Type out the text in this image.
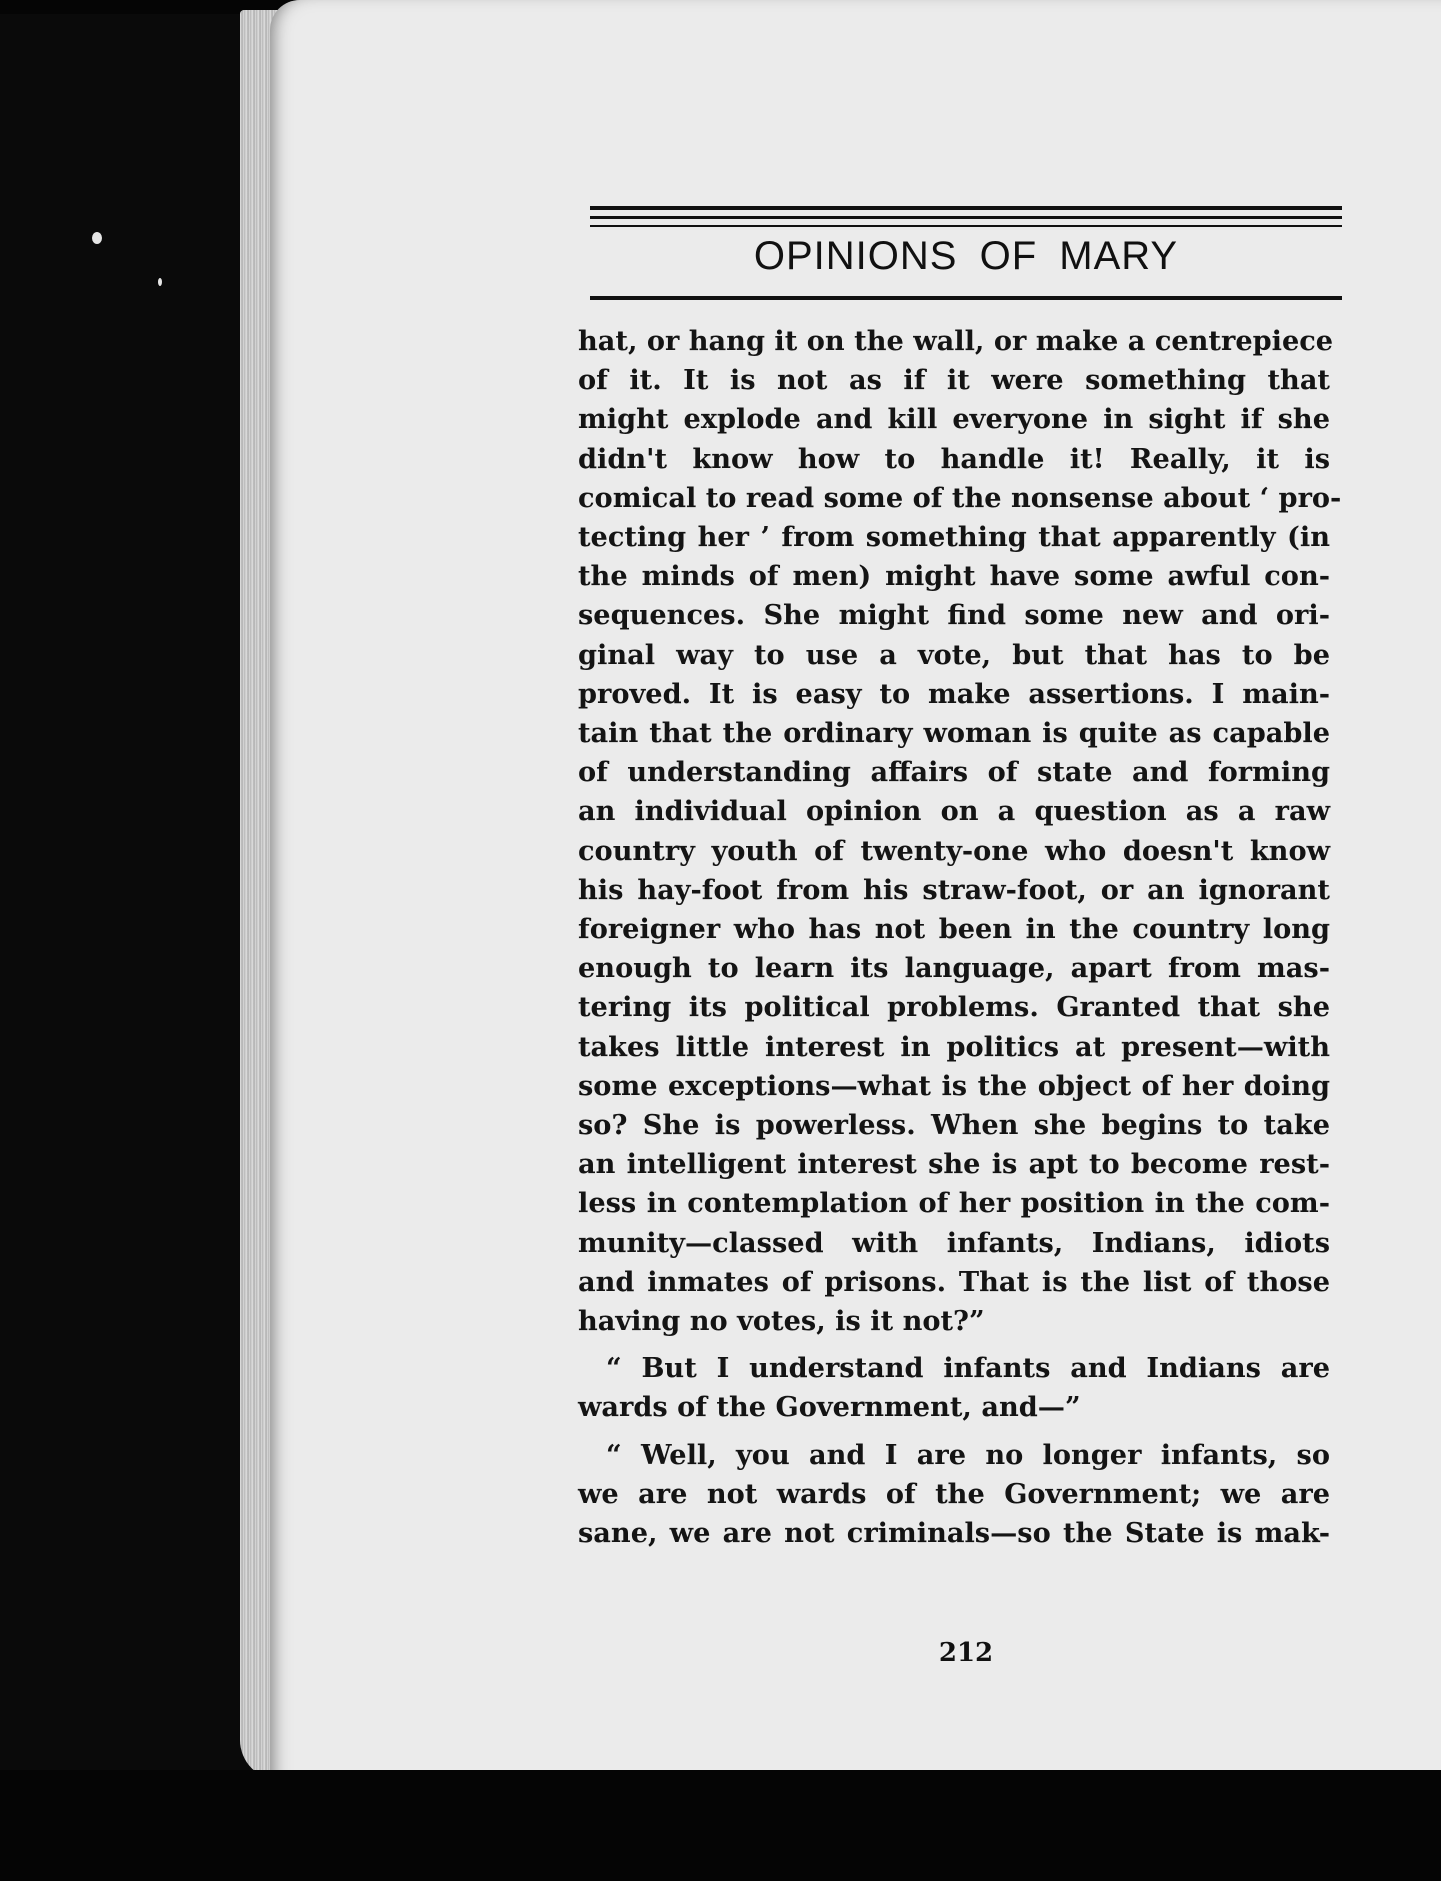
OPINIONS OF MARY
hat, or hang it on the wall, or make a centrepiece
of it. It is not as if it were something that
might explode and kill everyone in sight if she
didn't know how to handle it! Really, it is
comical to read some of the nonsense about ‘ pro-
tecting her ’ from something that apparently (in
the minds of men) might have some awful con-
sequences. She might find some new and ori-
ginal way to use a vote, but that has to be
proved. It is easy to make assertions. I main-
tain that the ordinary woman is quite as capable
of understanding affairs of state and forming
an individual opinion on a question as a raw
country youth of twenty-one who doesn't know
his hay-foot from his straw-foot, or an ignorant
foreigner who has not been in the country long
enough to learn its language, apart from mas-
tering its political problems. Granted that she
takes little interest in politics at present—with
some exceptions—what is the object of her doing
so? She is powerless. When she begins to take
an intelligent interest she is apt to become rest-
less in contemplation of her position in the com-
munity—classed with infants, Indians, idiots
and inmates of prisons. That is the list of those
having no votes, is it not?”
“ But I understand infants and Indians are
wards of the Government, and—”
“ Well, you and I are no longer infants, so
we are not wards of the Government; we are
sane, we are not criminals—so the State is mak-
212
